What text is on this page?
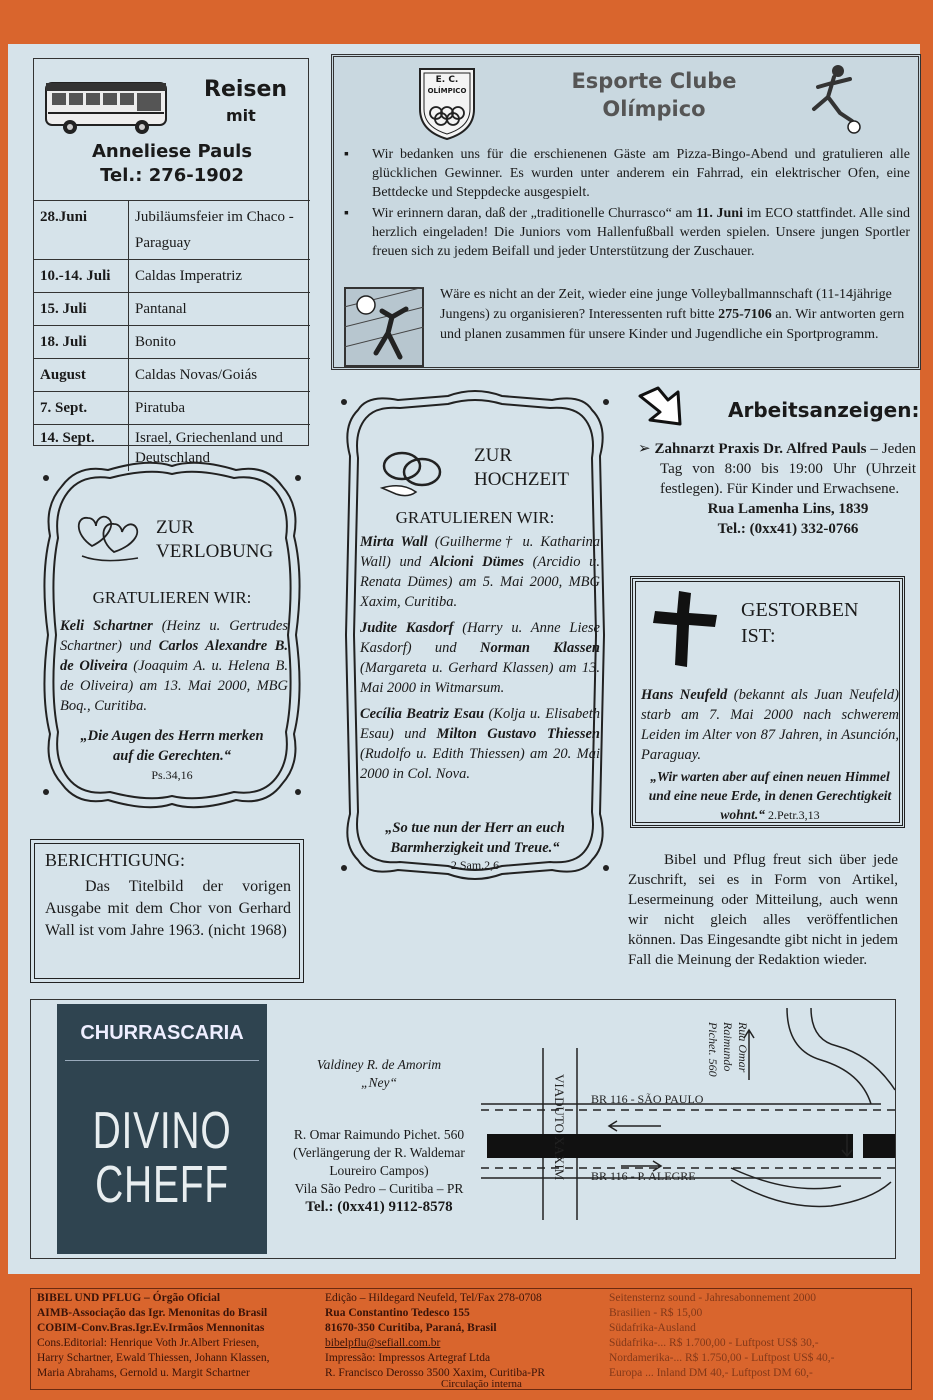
Reisen
mit
Anneliese Pauls
Tel.: 276-1902
28.Juni	Jubiläumsfeier im Chaco - Paraguay
10.-14. Juli	Caldas Imperatriz
15. Juli	Pantanal
18. Juli	Bonito
August	Caldas Novas/Goiás
7. Sept.	Piratuba
14. Sept.	Israel, Griechenland und Deutschland
E. C.
OLÍMPICO	Esporte Clube
Olímpico
▪ Wir bedanken uns für die erschienenen Gäste am Pizza-Bingo-Abend und gratulieren alle glücklichen Gewinner. Es wurden unter anderem ein Fahrrad, ein elektrischer Ofen, eine Bettdecke und Steppdecke ausgespielt.
▪ Wir erinnern daran, daß der „traditionelle Churrasco“ am 11. Juni im ECO stattfindet. Alle sind herzlich eingeladen! Die Juniors vom Hallenfußball werden spielen. Unsere jungen Sportler freuen sich zu jedem Beifall und jeder Unterstützung der Zuschauer.
Wäre es nicht an der Zeit, wieder eine junge Volleyballmannschaft (11-14jährige Jungens) zu organisieren? Interessenten ruft bitte 275-7106 an. Wir antworten gern und planen zusammen für unsere Kinder und Jugendliche ein Sportprogramm.
ZUR
VERLOBUNG
GRATULIEREN WIR:
Keli Schartner (Heinz u. Gertrudes Schartner) und Carlos Alexandre B. de Oliveira (Joaquim A. u. Helena B. de Oliveira) am 13. Mai 2000, MBG Boq., Curitiba.
„Die Augen des Herrn merken auf die Gerechten.“
Ps.34,16
ZUR
HOCHZEIT
GRATULIEREN WIR:

Mirta Wall (Guilherme† u. Katharina Wall) und Alcioni Dümes (Arcidio u. Renata Dümes) am 5. Mai 2000, MBG Xaxim, Curitiba.

Judite Kasdorf (Harry u. Anne Liese Kasdorf) und Norman Klassen (Margareta u. Gerhard Klassen) am 13. Mai 2000 in Witmarsum.

Cecília Beatriz Esau (Kolja u. Elisabeth Esau) und Milton Gustavo Thiessen (Rudolfo u. Edith Thiessen) am 20. Mai 2000 in Col. Nova.

„So tue nun der Herr an euch Barmherzigkeit und Treue.“
2.Sam.2,6
Arbeitsanzeigen:

➢ Zahnarzt Praxis Dr. Alfred Pauls – Jeden Tag von 8:00 bis 19:00 Uhr (Uhrzeit festlegen). Für Kinder und Erwachsene.

Rua Lamenha Lins, 1839

Tel.: (0xx41) 332-0766

GESTORBEN
IST:
Hans Neufeld (bekannt als Juan Neufeld) starb am 7. Mai 2000 nach schwerem Leiden im Alter von 87 Jahren, in Asunción, Paraguay.
„Wir warten aber auf einen neuen Himmel und eine neue Erde, in denen Gerechtigkeit wohnt.“ 2.Petr.3,13
BERICHTIGUNG:
Das Titelbild der vorigen Ausgabe mit dem Chor von Gerhard Wall ist vom Jahre 1963. (nicht 1968)
Bibel und Pflug freut sich über jede Zuschrift, sei es in Form von Artikel, Lesermeinung oder Mitteilung, auch wenn wir nicht gleich alles veröffentlichen können. Das Eingesandte gibt nicht in jedem Fall die Meinung der Redaktion wieder.
CHURRASCARIA
DIVINO
CHEFF
Valdiney R. de Amorim
„Ney“
R. Omar Raimundo Pichet. 560
(Verlängerung der R. Waldemar Loureiro Campos)
Vila São Pedro – Curitiba – PR
Tel.: (0xx41) 9112-8578
VIADUTO XAXIM BR 116 - SÃO PAULO
BR 116 - P. ALEGRE
Rua Omar
Raimundo
Pichet. 560
BIBEL UND PFLUG – Órgão Oficial
AIMB-Associação das Igr. Menonitas do Brasil
COBIM-Conv.Bras.Igr.Ev.Irmãos Mennonitas
Cons.Editorial: Henrique Voth Jr.Albert Friesen,
Harry Schartner, Ewald Thiessen, Johann Klassen,
Maria Abrahams, Gernold u. Margit Schartner
Edição – Hildegard Neufeld, Tel/Fax 278-0708
Rua Constantino Tedesco 155
81670-350 Curitiba, Paraná, Brasil
bibelpflu@sefiall.com.br
Impressão: Impressos Artegraf Ltda
R. Francisco Derosso 3500 Xaxim, Curitiba-PR
Seitensternz sound - Jahresabonnement 2000
Brasilien - R$ 15,00
Südafrika-Ausland
Südafrika-... R$ 1.700,00 - Luftpost US$ 30,-
Nordamerika-... R$ 1.750,00 - Luftpost US$ 40,-
Europa ... Inland DM 40,- Luftpost DM 60,-
Circulação interna
